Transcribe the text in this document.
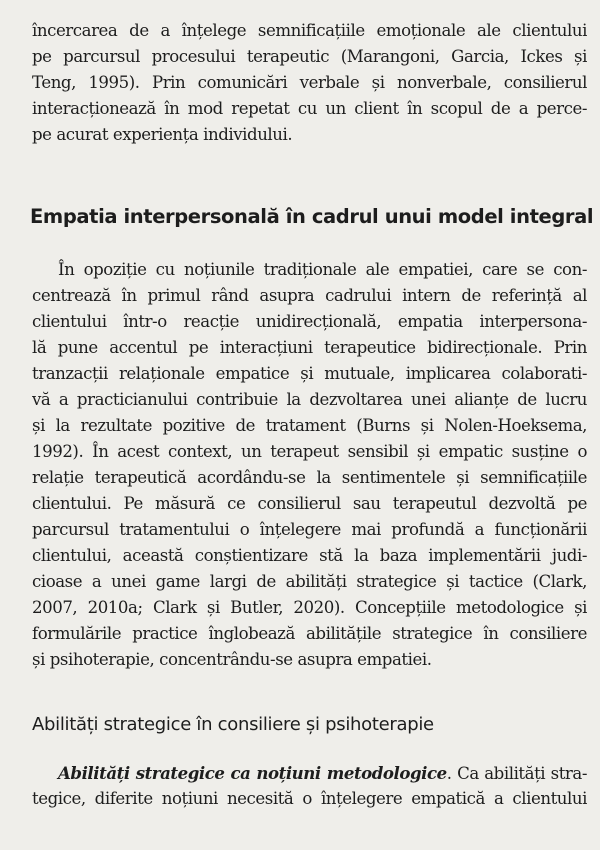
încercarea de a înțelege semnificațiile emoționale ale clientului
pe parcursul procesului terapeutic (Marangoni, Garcia, Ickes și
Teng, 1995). Prin comunicări verbale și nonverbale, consilierul
interacționează în mod repetat cu un client în scopul de a perce-
pe acurat experiența individului.
Empatia interpersonală în cadrul unui model integral
În opoziție cu noțiunile tradiționale ale empatiei, care se con-
centrează în primul rând asupra cadrului intern de referință al
clientului într-o reacție unidirecțională, empatia interpersona-
lă pune accentul pe interacțiuni terapeutice bidirecționale. Prin
tranzacții relaționale empatice și mutuale, implicarea colaborati-
vă a practicianului contribuie la dezvoltarea unei alianțe de lucru
și la rezultate pozitive de tratament (Burns și Nolen-Hoeksema,
1992). În acest context, un terapeut sensibil și empatic susține o
relație terapeutică acordându-se la sentimentele și semnificațiile
clientului. Pe măsură ce consilierul sau terapeutul dezvoltă pe
parcursul tratamentului o înțelegere mai profundă a funcționării
clientului, această conștientizare stă la baza implementării judi-
cioase a unei game largi de abilități strategice și tactice (Clark,
2007, 2010a; Clark și Butler, 2020). Concepțiile metodologice și
formulările practice înglobează abilitățile strategice în consiliere
și psihoterapie, concentrându-se asupra empatiei.
Abilități strategice în consiliere și psihoterapie
Abilități strategice ca noțiuni metodologice. Ca abilități stra-
tegice, diferite noțiuni necesită o înțelegere empatică a clientului
